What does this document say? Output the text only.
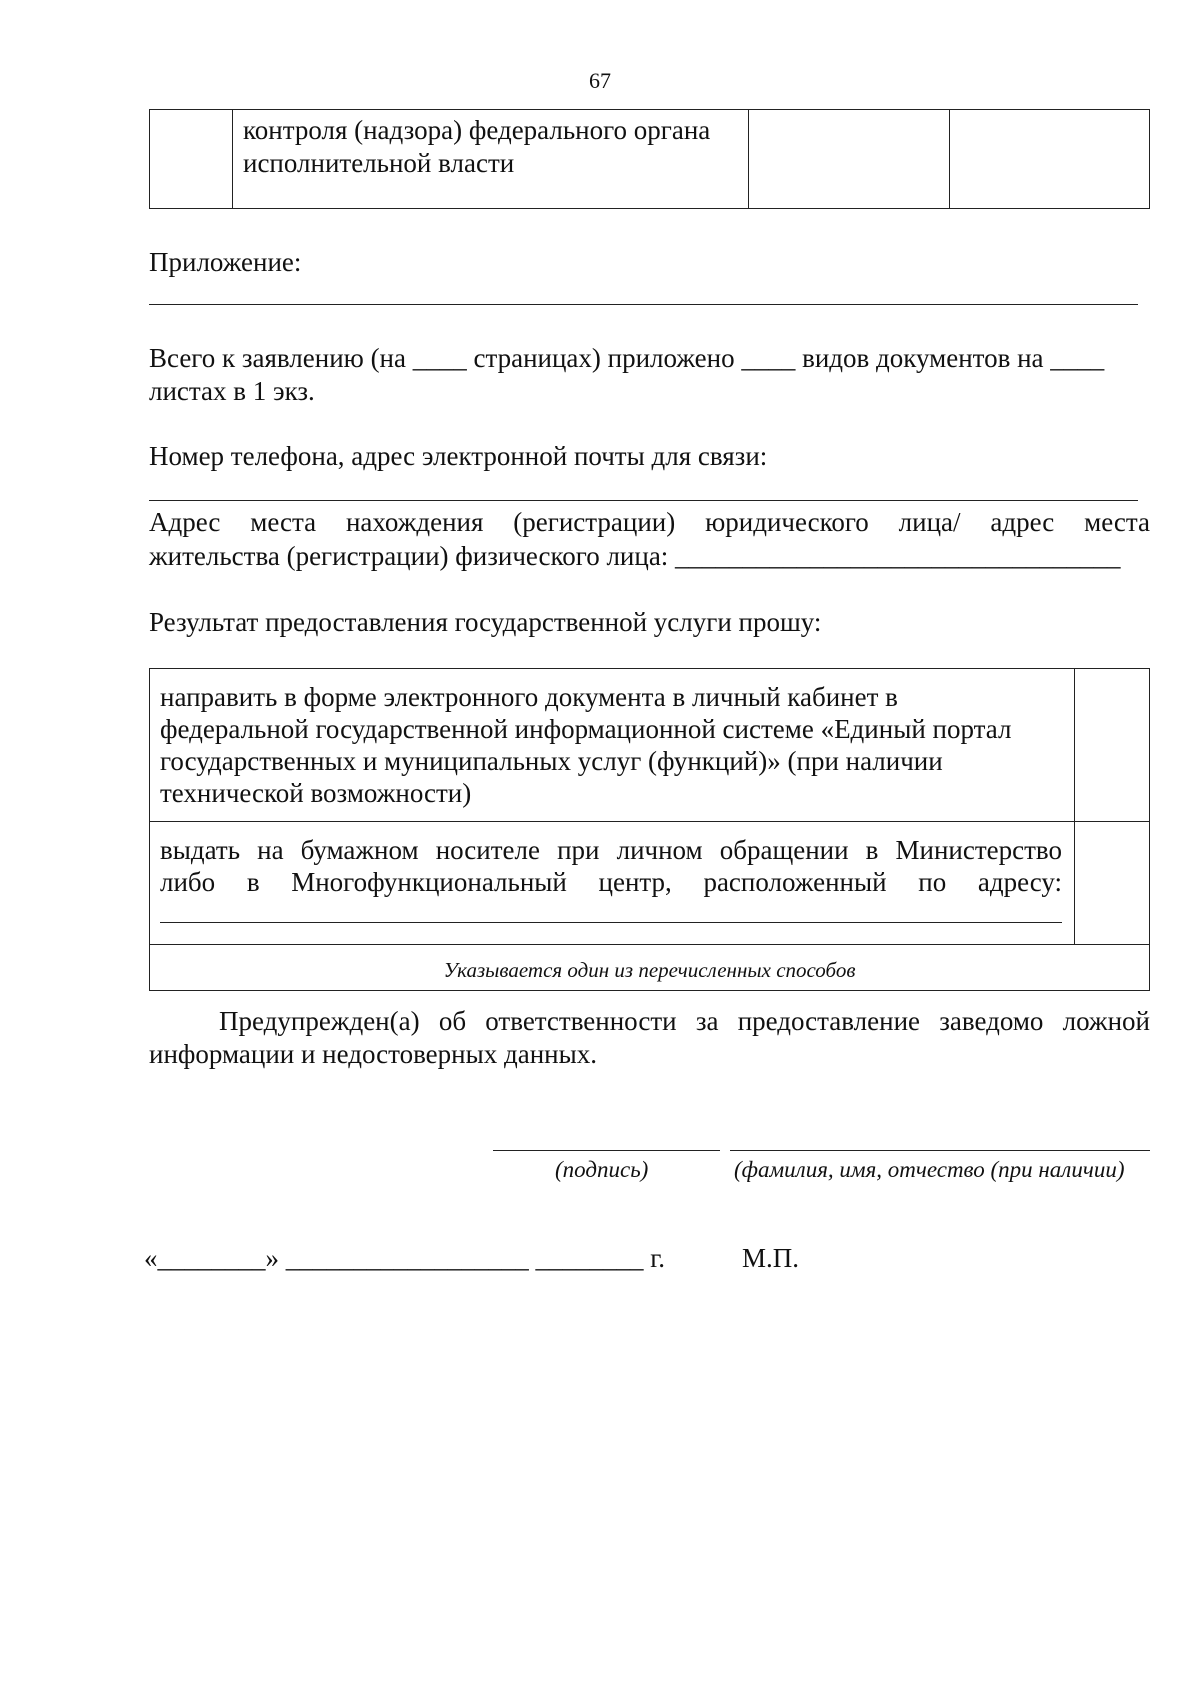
67

контроля (надзора) федерального органа
исполнительной власти

Приложение:
Всего к заявлению (на ____ страницах) приложено ____ видов документов на ____
листах в 1 экз.
Номер телефона, адрес электронной почты для связи:
Адрес места нахождения (регистрации) юридического лица/ адрес места
жительства (регистрации) физического лица: _________________________________
Результат предоставления государственной услуги прошу:
направить в форме электронного документа в личный кабинет в
федеральной государственной информационной системе «Единый портал
государственных и муниципальных услуг (функций)» (при наличии
технической возможности)	

выдать на бумажном носителе при личном обращении в Министерство
либо в Многофункциональный центр, расположенный по адресу:	

Указывается один из перечисленных способов	
Предупрежден(а) об ответственности за предоставление заведомо ложной
информации и недостоверных данных.
(подпись)	(фамилия, имя, отчество (при наличии)
«________» __________________ ________ г.	М.П.
